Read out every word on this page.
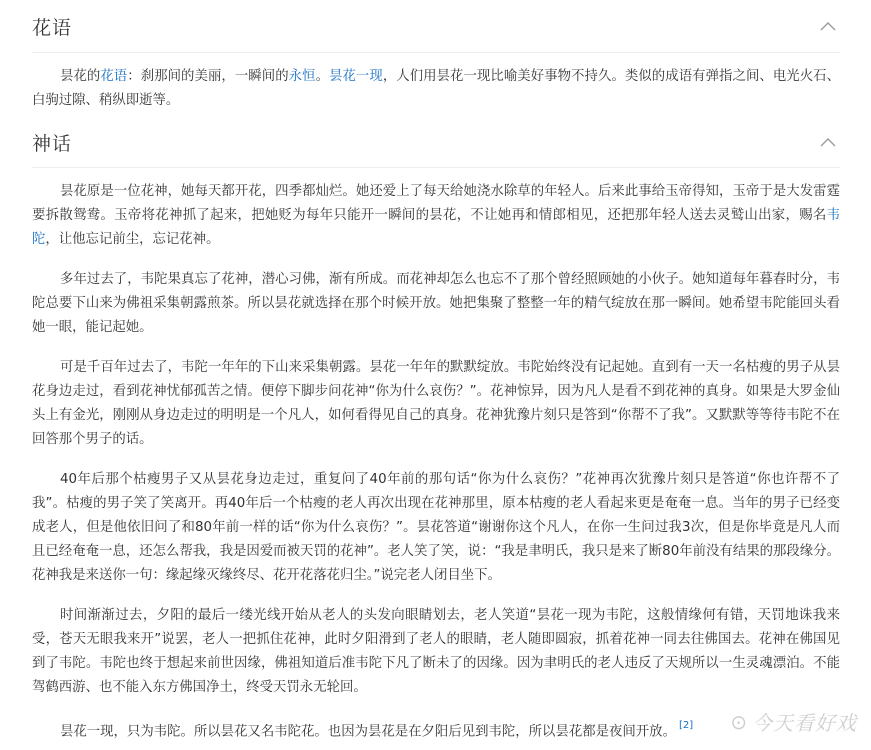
花语

昙花的花语：刹那间的美丽，一瞬间的永恒。昙花一现，人们用昙花一现比喻美好事物不持久。类似的成语有弹指之间、电光火石、白驹过隙、稍纵即逝等。

神话

昙花原是一位花神，她每天都开花，四季都灿烂。她还爱上了每天给她浇水除草的年轻人。后来此事给玉帝得知，玉帝于是大发雷霆要拆散鸳鸯。玉帝将花神抓了起来，把她贬为每年只能开一瞬间的昙花，不让她再和情郎相见，还把那年轻人送去灵鹫山出家，赐名韦陀，让他忘记前尘，忘记花神。

多年过去了，韦陀果真忘了花神，潜心习佛，渐有所成。而花神却怎么也忘不了那个曾经照顾她的小伙子。她知道每年暮春时分，韦陀总要下山来为佛祖采集朝露煎茶。所以昙花就选择在那个时候开放。她把集聚了整整一年的精气绽放在那一瞬间。她希望韦陀能回头看她一眼，能记起她。

可是千百年过去了，韦陀一年年的下山来采集朝露。昙花一年年的默默绽放。韦陀始终没有记起她。直到有一天一名枯瘦的男子从昙花身边走过，看到花神忧郁孤苦之情。便停下脚步问花神“你为什么哀伤？”。花神惊异，因为凡人是看不到花神的真身。如果是大罗金仙头上有金光，刚刚从身边走过的明明是一个凡人，如何看得见自己的真身。花神犹豫片刻只是答到“你帮不了我”。又默默等等待韦陀不在回答那个男子的话。

40年后那个枯瘦男子又从昙花身边走过，重复问了40年前的那句话“你为什么哀伤？”花神再次犹豫片刻只是答道“你也许帮不了我”。枯瘦的男子笑了笑离开。再40年后一个枯瘦的老人再次出现在花神那里，原本枯瘦的老人看起来更是奄奄一息。当年的男子已经变成老人，但是他依旧问了和80年前一样的话“你为什么哀伤？”。昙花答道“谢谢你这个凡人，在你一生问过我3次，但是你毕竟是凡人而且已经奄奄一息，还怎么帮我，我是因爱而被天罚的花神”。老人笑了笑，说：“我是聿明氏，我只是来了断80年前没有结果的那段缘分。花神我是来送你一句：缘起缘灭缘终尽、花开花落花归尘。”说完老人闭目坐下。

时间渐渐过去，夕阳的最后一缕光线开始从老人的头发向眼睛划去，老人笑道“昙花一现为韦陀，这般情缘何有错，天罚地诛我来受，苍天无眼我来开”说罢，老人一把抓住花神，此时夕阳滑到了老人的眼睛，老人随即圆寂，抓着花神一同去往佛国去。花神在佛国见到了韦陀。韦陀也终于想起来前世因缘，佛祖知道后准韦陀下凡了断未了的因缘。因为聿明氏的老人违反了天规所以一生灵魂漂泊。不能驾鹤西游、也不能入东方佛国净土，终受天罚永无轮回。

昙花一现，只为韦陀。所以昙花又名韦陀花。也因为昙花是在夕阳后见到韦陀，所以昙花都是夜间开放。 [2]	⊙ 今天看好戏
